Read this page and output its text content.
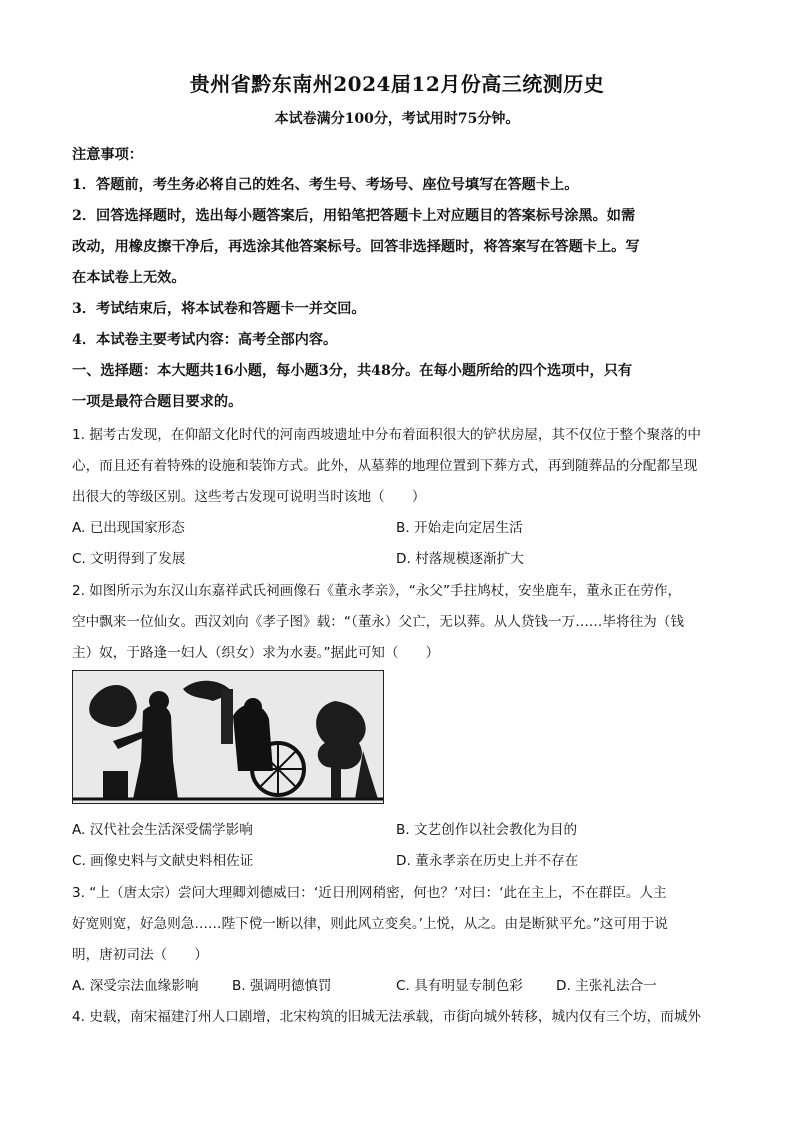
贵州省黔东南州2024届12月份高三统测历史
本试卷满分100分，考试用时75分钟。
注意事项：
1．答题前，考生务必将自己的姓名、考生号、考场号、座位号填写在答题卡上。
2．回答选择题时，选出每小题答案后，用铅笔把答题卡上对应题目的答案标号涂黑。如需
改动，用橡皮擦干净后，再选涂其他答案标号。回答非选择题时，将答案写在答题卡上。写
在本试卷上无效。
3．考试结束后，将本试卷和答题卡一并交回。
4．本试卷主要考试内容：高考全部内容。
一、选择题：本大题共16小题，每小题3分，共48分。在每小题所给的四个选项中，只有
一项是最符合题目要求的。
1. 据考古发现，在仰韶文化时代的河南西坡遗址中分布着面积很大的铲状房屋，其不仅位于整个聚落的中
心，而且还有着特殊的设施和装饰方式。此外，从墓葬的地理位置到下葬方式，再到随葬品的分配都呈现
出很大的等级区别。这些考古发现可说明当时该地（　　）
A. 已出现国家形态	B. 开始走向定居生活
C. 文明得到了发展	D. 村落规模逐渐扩大
2. 如图所示为东汉山东嘉祥武氏祠画像石《董永孝亲》，“永父”手拄鸠杖，安坐鹿车，董永正在劳作，
空中飘来一位仙女。西汉刘向《孝子图》载：“（董永）父亡，无以葬。从人贷钱一万……毕将往为（钱
主）奴，于路逢一妇人（织女）求为水妻。”据此可知（　　）
A. 汉代社会生活深受儒学影响	B. 文艺创作以社会教化为目的
C. 画像史料与文献史料相佐证	D. 董永孝亲在历史上并不存在
3. “上（唐太宗）尝问大理卿刘德威曰：‘近日刑网稍密，何也？’对曰：‘此在主上，不在群臣。人主
好宽则宽，好急则急……陛下傥一断以律，则此风立变矣。’上悦，从之。由是断狱平允。”这可用于说
明，唐初司法（　　）
A. 深受宗法血缘影响 B. 强调明德慎罚	C. 具有明显专制色彩 D. 主张礼法合一
4. 史载，南宋福建汀州人口剧增，北宋构筑的旧城无法承载，市街向城外转移，城内仅有三个坊，而城外
